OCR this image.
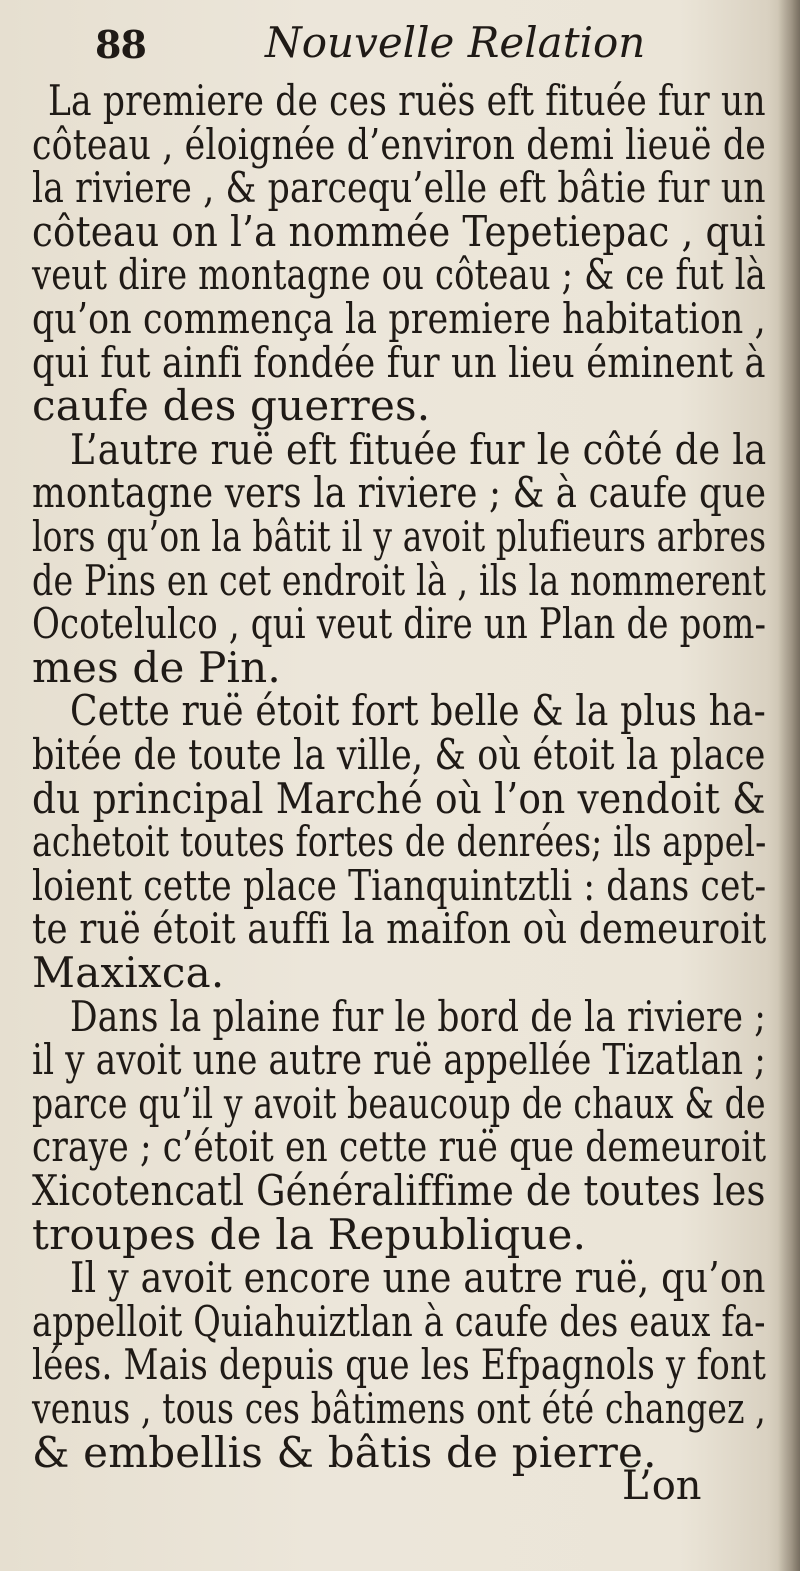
88	Nouvelle Relation
La premiere de ces ruës eft fituée fur un
côteau , éloignée d’environ demi lieuë de
la riviere , & parcequ’elle eft bâtie fur un
côteau on l’a nommée Tepetiepac , qui
veut dire montagne ou côteau ; & ce fut là
qu’on commença la premiere habitation ,
qui fut ainfi fondée fur un lieu éminent à
caufe des guerres.
L’autre ruë eft fituée fur le côté de la
montagne vers la riviere ; & à caufe que
lors qu’on la bâtit il y avoit plufieurs arbres
de Pins en cet endroit là , ils la nommerent
Ocotelulco , qui veut dire un Plan de pom-
mes de Pin.
Cette ruë étoit fort belle & la plus ha-
bitée de toute la ville, & où étoit la place
du principal Marché où l’on vendoit &
achetoit toutes fortes de denrées; ils appel-
loient cette place Tianquintztli : dans cet-
te ruë étoit auffi la maifon où demeuroit
Maxixca.
Dans la plaine fur le bord de la riviere ;
il y avoit une autre ruë appellée Tizatlan ;
parce qu’il y avoit beaucoup de chaux & de
craye ; c’étoit en cette ruë que demeuroit
Xicotencatl Généraliffime de toutes les
troupes de la Republique.
Il y avoit encore une autre ruë, qu’on
appelloit Quiahuiztlan à caufe des eaux fa-
lées. Mais depuis que les Efpagnols y font
venus , tous ces bâtimens ont été changez ,
& embellis & bâtis de pierre.
L’on
